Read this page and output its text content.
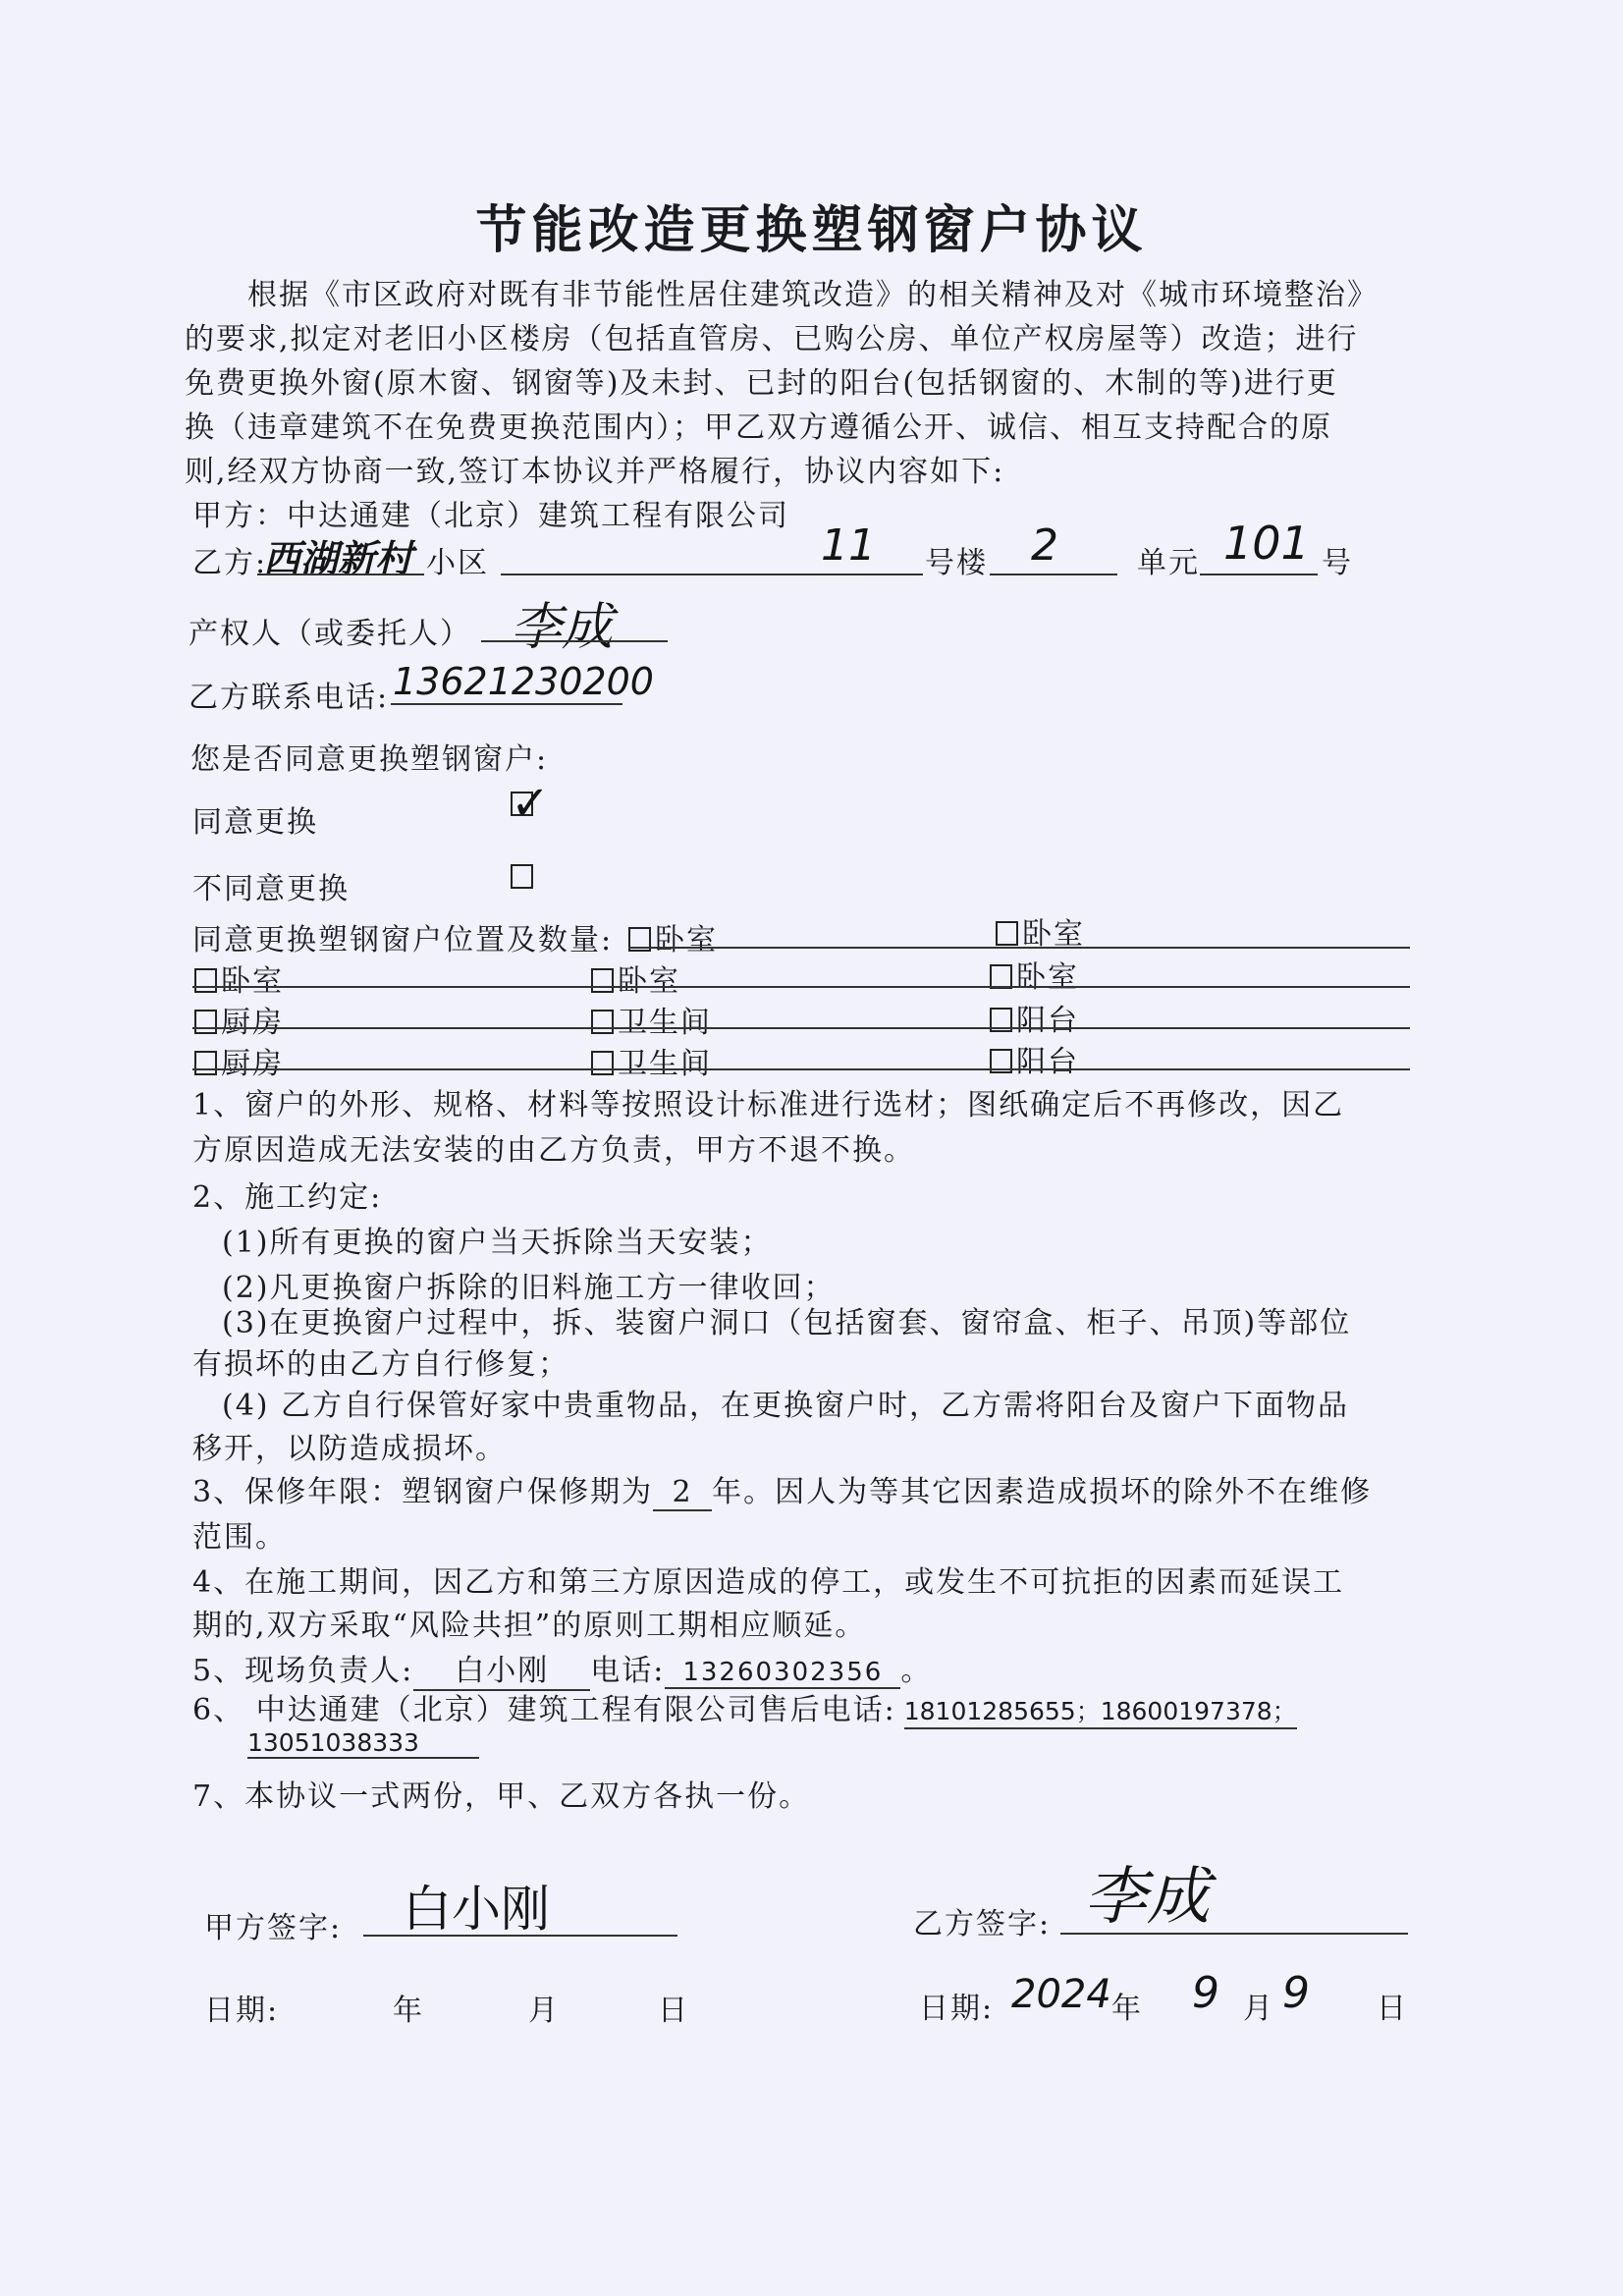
节能改造更换塑钢窗户协议
根据《市区政府对既有非节能性居住建筑改造》的相关精神及对《城市环境整治》
的要求,拟定对老旧小区楼房（包括直管房、已购公房、单位产权房屋等）改造；进行
免费更换外窗(原木窗、钢窗等)及未封、已封的阳台(包括钢窗的、木制的等)进行更
换（违章建筑不在免费更换范围内）；甲乙双方遵循公开、诚信、相互支持配合的原
则,经双方协商一致,签订本协议并严格履行，协议内容如下:
甲方：中达通建（北京）建筑工程有限公司
乙方:
西湖新村 小区	11 号楼 2	单元 101 号
产权人（或委托人） 李成
乙方联系电话: 13621230200
您是否同意更换塑钢窗户:
同意更换	✓
不同意更换
同意更换塑钢窗户位置及数量:	卧室	卧室
卧室	卧室	卧室
厨房	卫生间	阳台
厨房	卫生间	阳台
1、窗户的外形、规格、材料等按照设计标准进行选材；图纸确定后不再修改，因乙
方原因造成无法安装的由乙方负责，甲方不退不换。
2、施工约定:
(1)所有更换的窗户当天拆除当天安装；
(2)凡更换窗户拆除的旧料施工方一律收回；
(3)在更换窗户过程中，拆、装窗户洞口（包括窗套、窗帘盒、柜子、吊顶)等部位
有损坏的由乙方自行修复；
(4) 乙方自行保管好家中贵重物品，在更换窗户时，乙方需将阳台及窗户下面物品
移开，以防造成损坏。
3、保修年限：塑钢窗户保修期为 2 年。因人为等其它因素造成损坏的除外不在维修
范围。
4、在施工期间，因乙方和第三方原因造成的停工，或发生不可抗拒的因素而延误工
期的,双方采取“风险共担”的原则工期相应顺延。
5、现场负责人: 白小刚 电话: 13260302356 。
6、 中达通建（北京）建筑工程有限公司售后电话: 18101285655；18600197378；
13051038333
7、本协议一式两份，甲、乙双方各执一份。
甲方签字: 白小刚	乙方签字: 李成
日期:	年	月	日	日期: 2024 年 9 月 9 日
